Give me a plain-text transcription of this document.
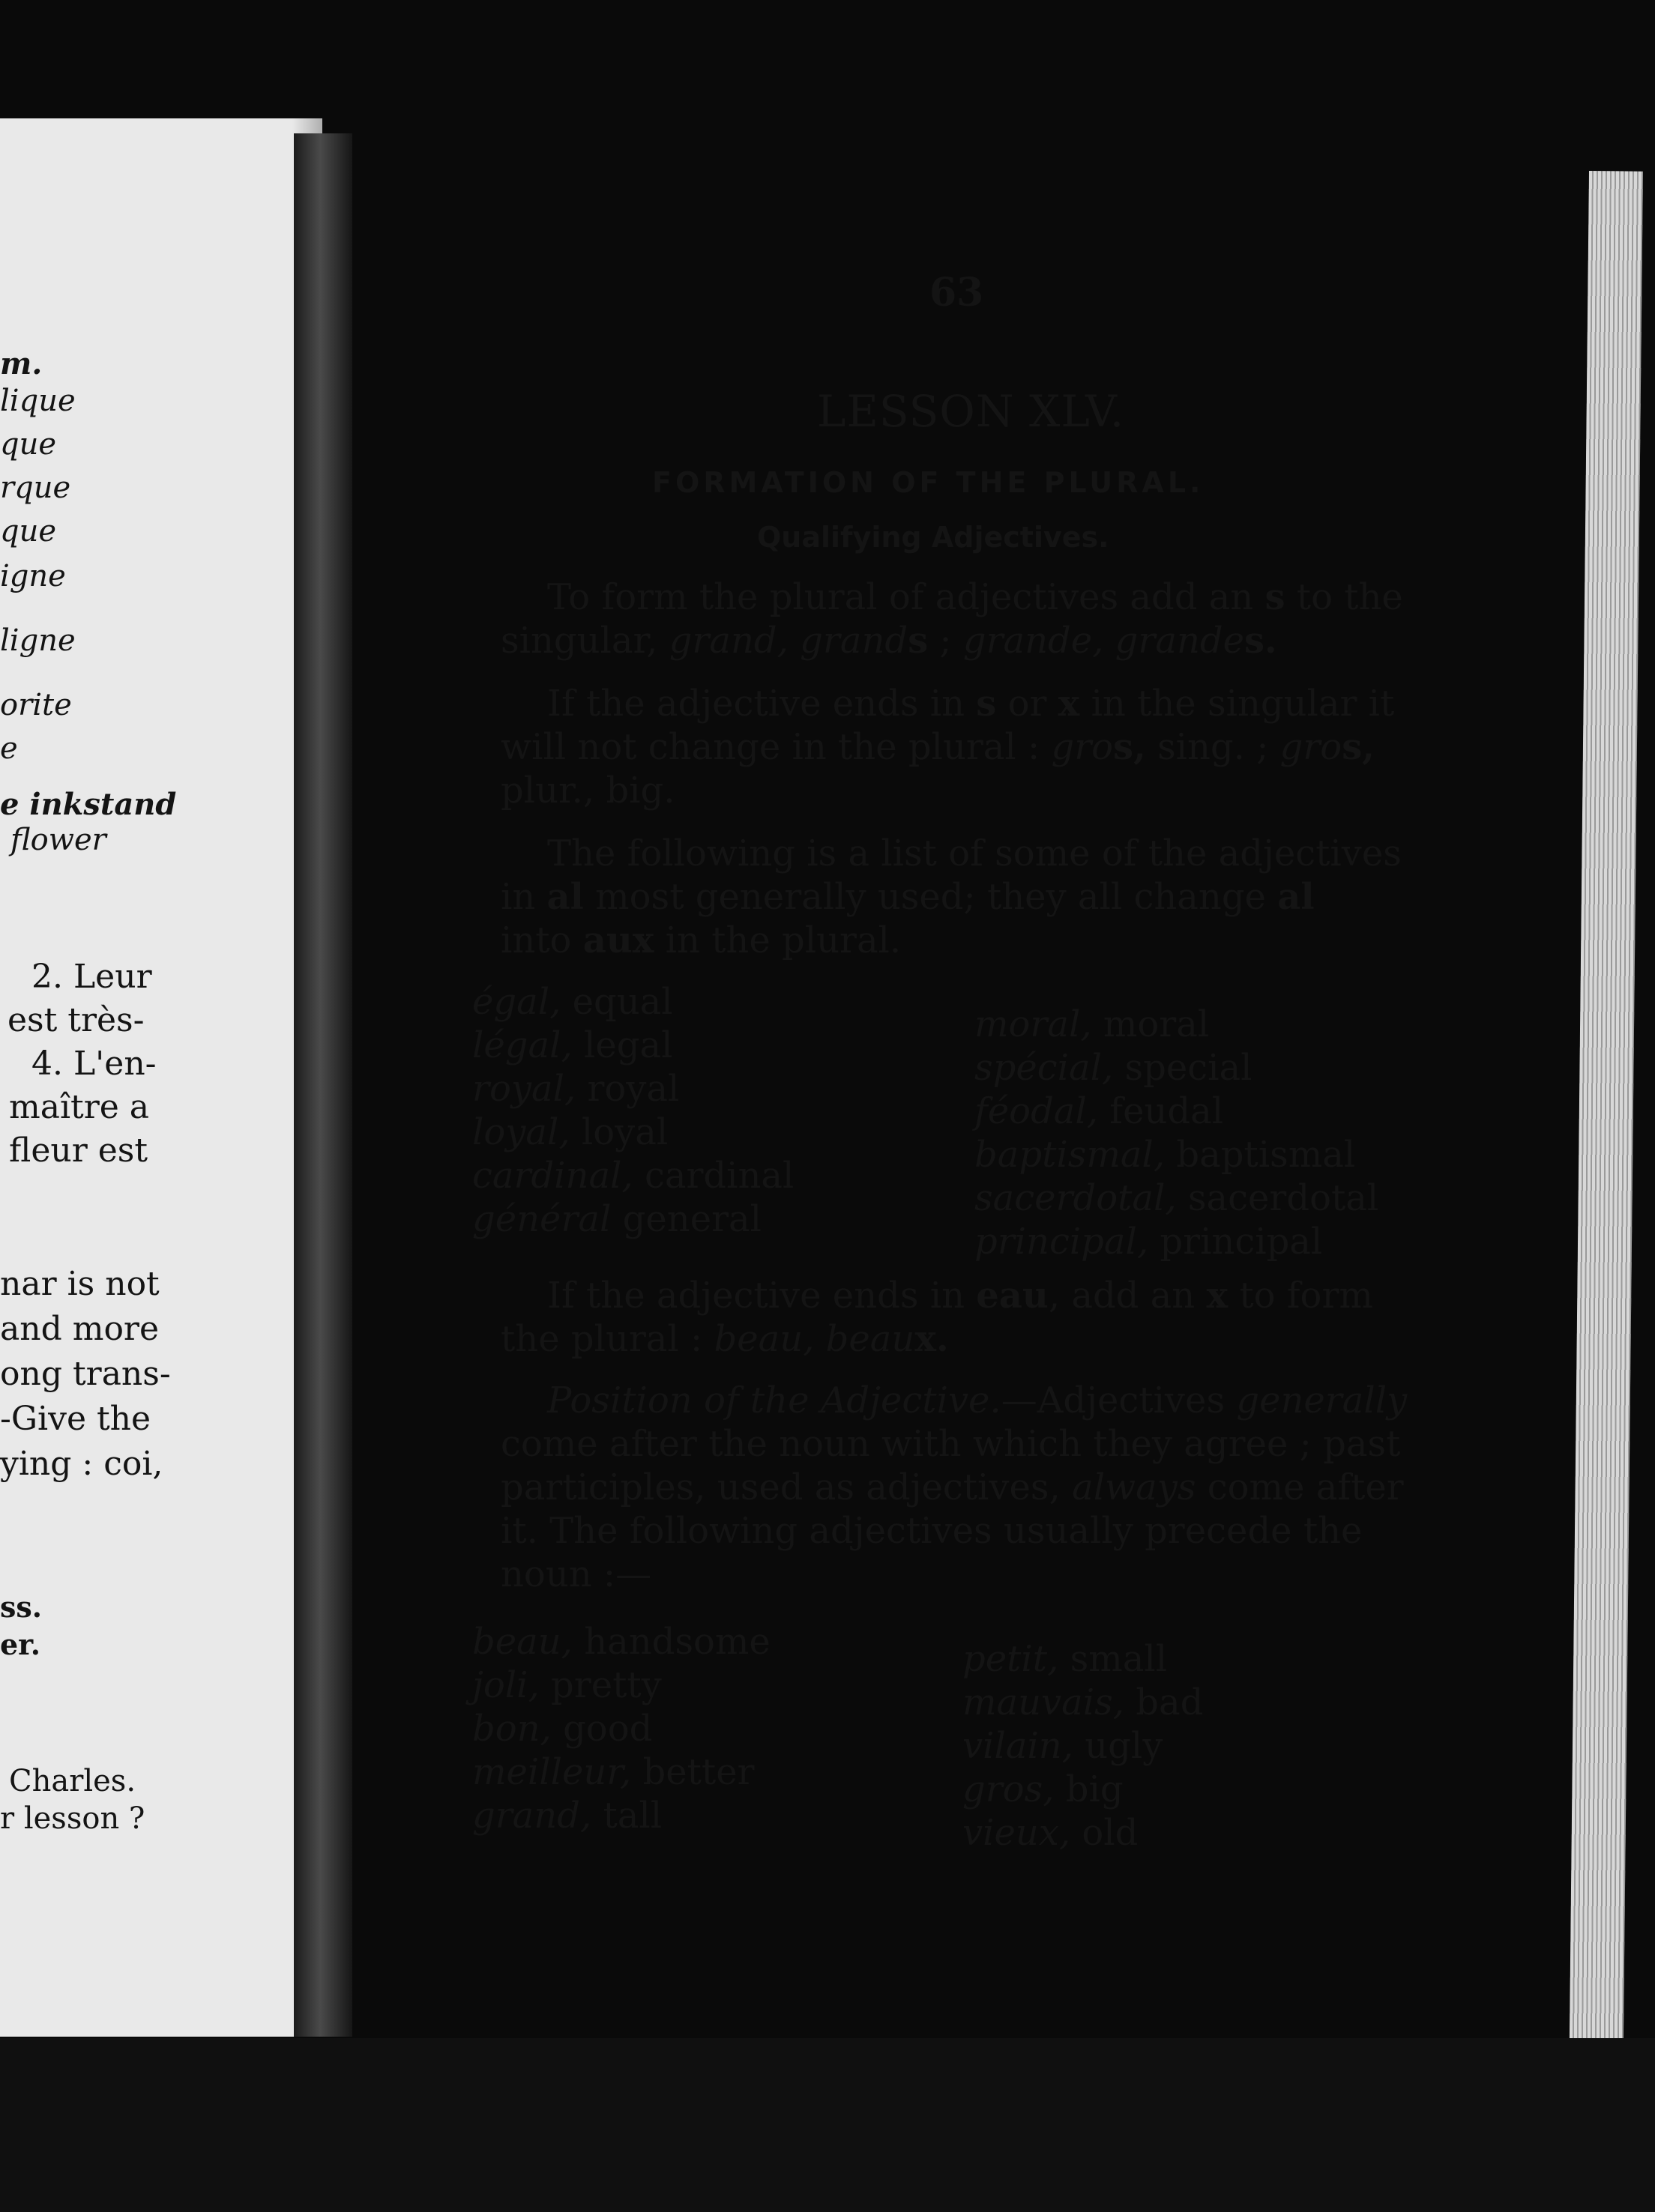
m.
lique
que
rque
que
igne
ligne
orite
e
e inkstand
flower
2. Leur
est très-
4. L'en-
maître a
fleur est
nar is not
and more
ong trans-
-Give the
ying : coi,
ss.
er.
Charles.
r lesson ?
63
LESSON XLV.
FORMATION OF THE PLURAL.
Qualifying Adjectives.
To form the plural of adjectives add an s to the
singular, grand, grands ; grande, grandes.
If the adjective ends in s or x in the singular it
will not change in the plural : gros, sing. ; gros,
plur., big.
The following is a list of some of the adjectives
in al most generally used; they all change al
into aux in the plural.
égal, equal
légal, legal
royal, royal
loyal, loyal
cardinal, cardinal
général general
moral, moral
spécial, special
féodal, feudal
baptismal, baptismal
sacerdotal, sacerdotal
principal, principal
If the adjective ends in eau, add an x to form
the plural : beau, beaux.
Position of the Adjective.—Adjectives generally
come after the noun with which they agree ; past
participles, used as adjectives, always come after
it. The following adjectives usually precede the
noun :—
beau, handsome
joli, pretty
bon, good
meilleur, better
grand, tall
petit, small
mauvais, bad
vilain, ugly
gros, big
vieux, old
